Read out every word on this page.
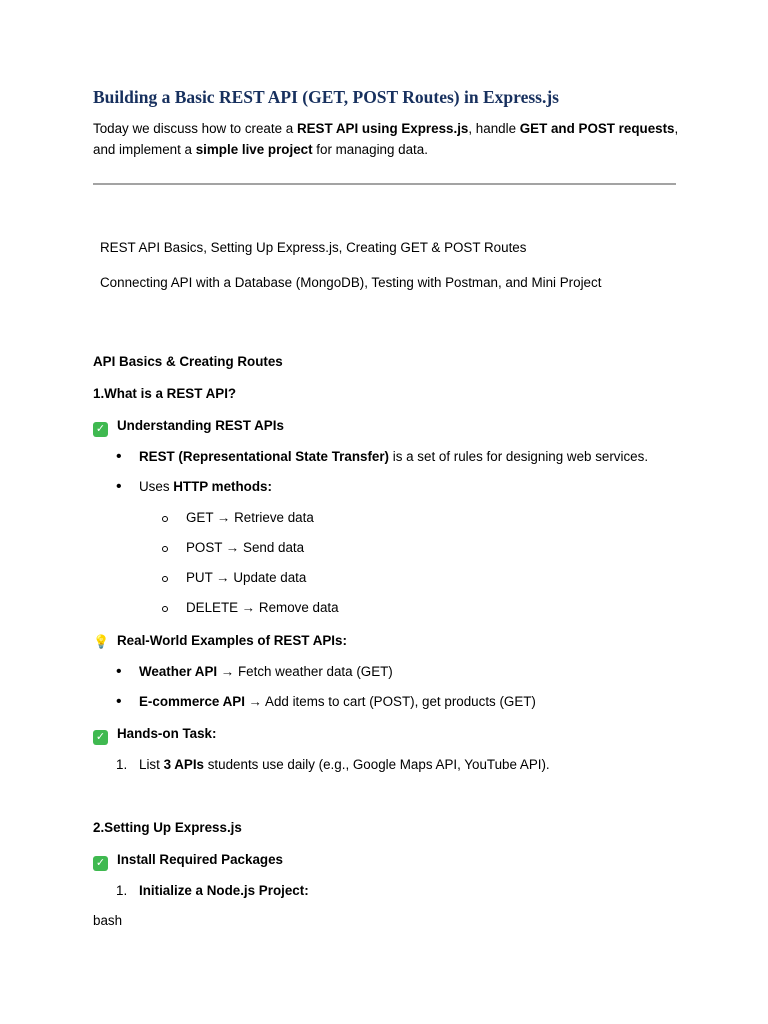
Building a Basic REST API (GET, POST Routes) in Express.js
Today we discuss how to create a REST API using Express.js, handle GET and POST requests,
and implement a simple live project for managing data.
REST API Basics, Setting Up Express.js, Creating GET & POST Routes
Connecting API with a Database (MongoDB), Testing with Postman, and Mini Project
API Basics & Creating Routes
1.What is a REST API?
✓ Understanding REST APIs
• REST (Representational State Transfer) is a set of rules for designing web services.
• Uses HTTP methods:
GET → Retrieve data
POST → Send data
PUT → Update data
DELETE → Remove data
💡 Real-World Examples of REST APIs:
• Weather API → Fetch weather data (GET)
• E-commerce API → Add items to cart (POST), get products (GET)
✓ Hands-on Task:
1. List 3 APIs students use daily (e.g., Google Maps API, YouTube API).
2.Setting Up Express.js
✓ Install Required Packages
1. Initialize a Node.js Project:
bash
